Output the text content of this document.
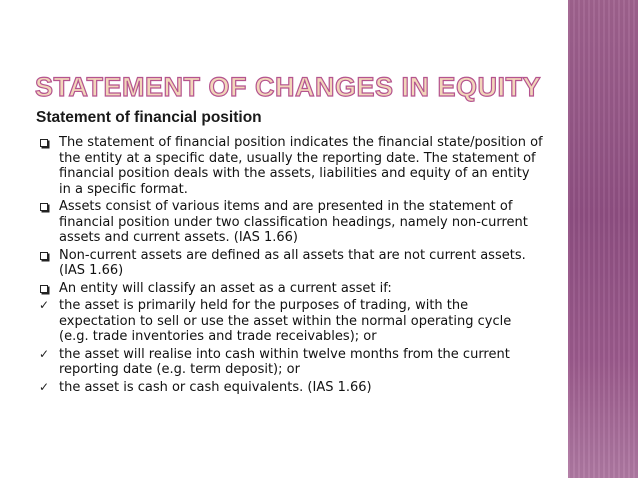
STATEMENT OF CHANGES IN EQUITY
Statement of financial position
The statement of financial position indicates the financial state/position of the entity at a specific date, usually the reporting date. The statement of financial position deals with the assets, liabilities and equity of an entity in a specific format.
Assets consist of various items and are presented in the statement of financial position under two classification headings, namely non-current assets and current assets. (IAS 1.66)
Non-current assets are defined as all assets that are not current assets. (IAS 1.66)
An entity will classify an asset as a current asset if:
✓ the asset is primarily held for the purposes of trading, with the expectation to sell or use the asset within the normal operating cycle (e.g. trade inventories and trade receivables); or
✓ the asset will realise into cash within twelve months from the current reporting date (e.g. term deposit); or
✓ the asset is cash or cash equivalents. (IAS 1.66)
